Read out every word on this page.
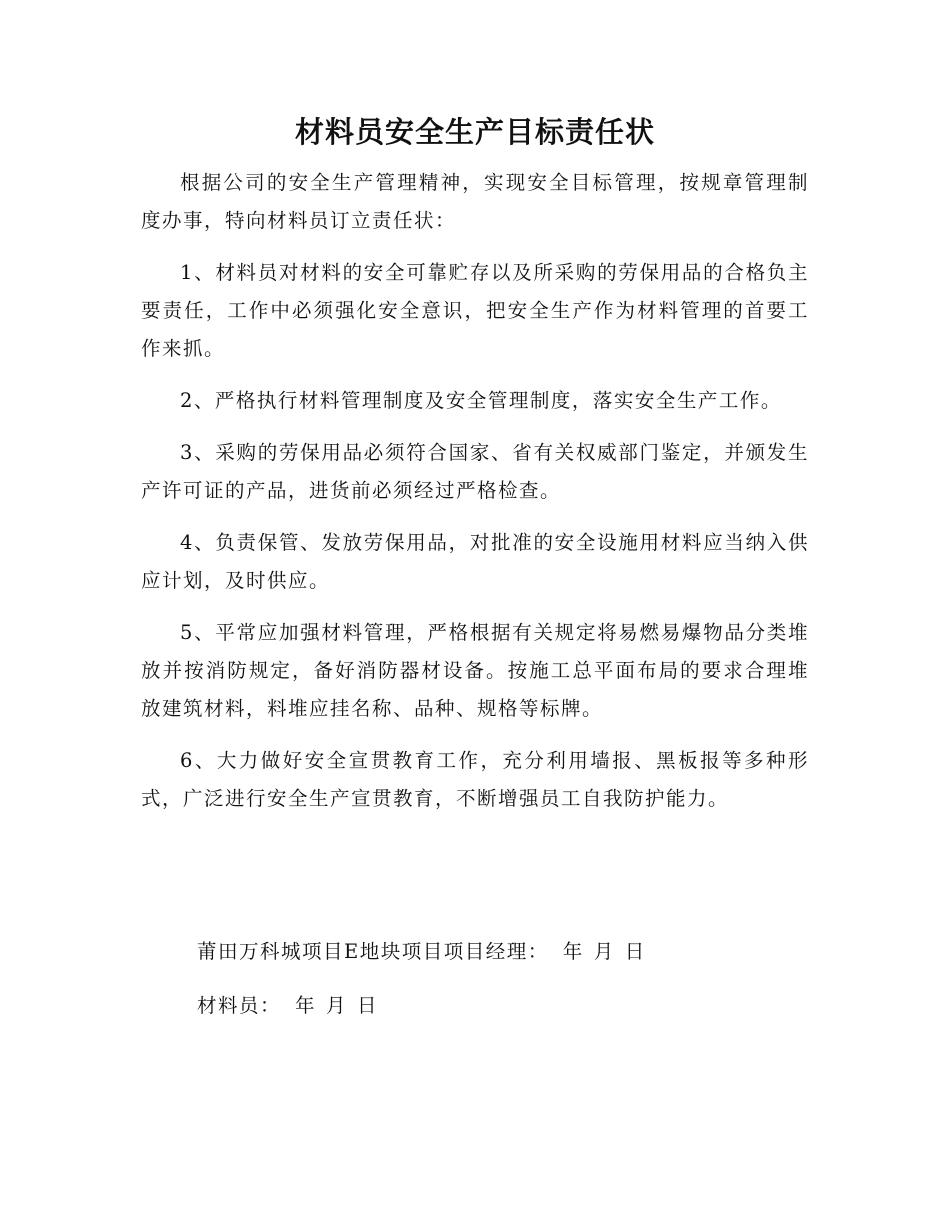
材料员安全生产目标责任状

根据公司的安全生产管理精神，实现安全目标管理，按规章管理制度办事，特向材料员订立责任状：

1、材料员对材料的安全可靠贮存以及所采购的劳保用品的合格负主要责任，工作中必须强化安全意识，把安全生产作为材料管理的首要工作来抓。

2、严格执行材料管理制度及安全管理制度，落实安全生产工作。

3、采购的劳保用品必须符合国家、省有关权威部门鉴定，并颁发生产许可证的产品，进货前必须经过严格检查。

4、负责保管、发放劳保用品，对批准的安全设施用材料应当纳入供应计划，及时供应。

5、平常应加强材料管理，严格根据有关规定将易燃易爆物品分类堆放并按消防规定，备好消防器材设备。按施工总平面布局的要求合理堆放建筑材料，料堆应挂名称、品种、规格等标牌。

6、大力做好安全宣贯教育工作，充分利用墙报、黑板报等多种形式，广泛进行安全生产宣贯教育，不断增强员工自我防护能力。

莆田万科城项目E地块项目项目经理： 年 月 日
材料员： 年 月 日
